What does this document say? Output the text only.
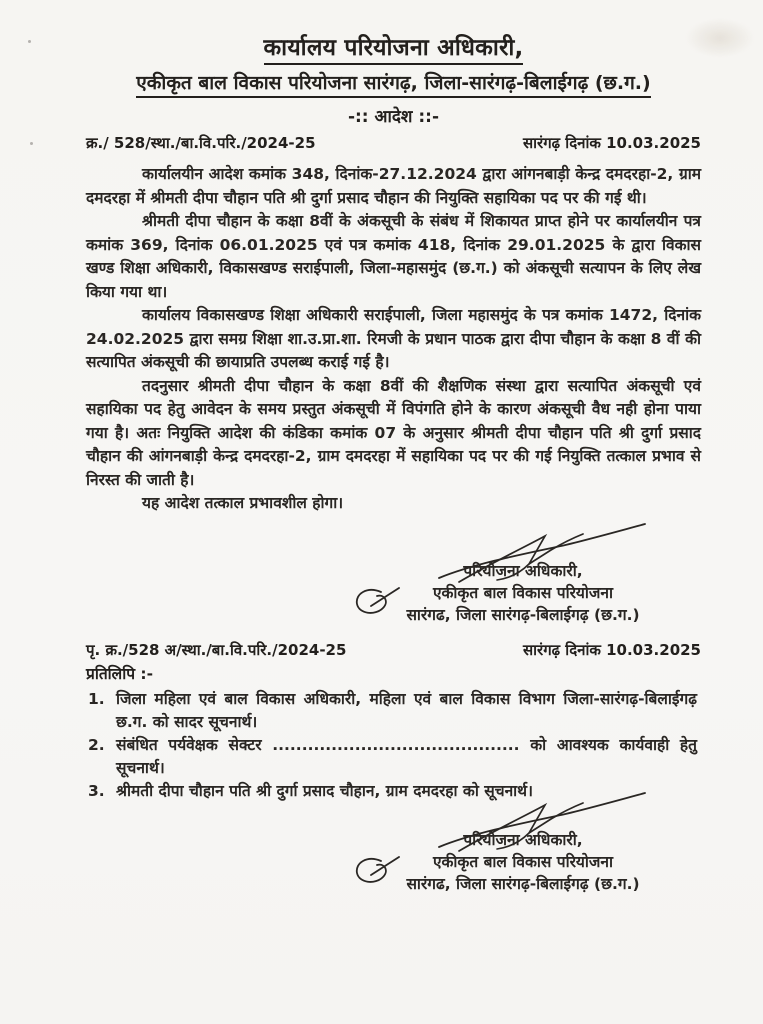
कार्यालय परियोजना अधिकारी,
एकीकृत बाल विकास परियोजना सारंगढ़, जिला-सारंगढ़-बिलाईगढ़ (छ.ग.)
-:: आदेश ::-
क्र./ 528/स्था./बा.वि.परि./2024-25	सारंगढ़ दिनांक 10.03.2025

कार्यालयीन आदेश कमांक 348, दिनांक-27.12.2024 द्वारा आंगनबाड़ी केन्द्र दमदरहा-2, ग्राम दमदरहा में श्रीमती दीपा चौहान पति श्री दुर्गा प्रसाद चौहान की नियुक्ति सहायिका पद पर की गई थी।

श्रीमती दीपा चौहान के कक्षा 8वीं के अंकसूची के संबंध में शिकायत प्राप्त होने पर कार्यालयीन पत्र कमांक 369, दिनांक 06.01.2025 एवं पत्र कमांक 418, दिनांक 29.01.2025 के द्वारा विकास खण्ड शिक्षा अधिकारी, विकासखण्ड सराईपाली, जिला-महासमुंद (छ.ग.) को अंकसूची सत्यापन के लिए लेख किया गया था।

कार्यालय विकासखण्ड शिक्षा अधिकारी सराईपाली, जिला महासमुंद के पत्र कमांक 1472, दिनांक 24.02.2025 द्वारा समग्र शिक्षा शा.उ.प्रा.शा. रिमजी के प्रधान पाठक द्वारा दीपा चौहान के कक्षा 8 वीं की सत्यापित अंकसूची की छायाप्रति उपलब्ध कराई गई है।

तदनुसार श्रीमती दीपा चौहान के कक्षा 8वीं की शैक्षणिक संस्था द्वारा सत्यापित अंकसूची एवं सहायिका पद हेतु आवेदन के समय प्रस्तुत अंकसूची में विपंगति होने के कारण अंकसूची वैध नही होना पाया गया है। अतः नियुक्ति आदेश की कंडिका कमांक 07 के अनुसार श्रीमती दीपा चौहान पति श्री दुर्गा प्रसाद चौहान की आंगनबाड़ी केन्द्र दमदरहा-2, ग्राम दमदरहा में सहायिका पद पर की गई नियुक्ति तत्काल प्रभाव से निरस्त की जाती है।

यह आदेश तत्काल प्रभावशील होगा।

परियोजना अधिकारी,
एकीकृत बाल विकास परियोजना
सारंगढ, जिला सारंगढ़-बिलाईगढ़ (छ.ग.)
पृ. क्र./528 अ/स्था./बा.वि.परि./2024-25	सारंगढ़ दिनांक 10.03.2025
प्रतिलिपि :-
1. जिला महिला एवं बाल विकास अधिकारी, महिला एवं बाल विकास विभाग जिला-सारंगढ़-बिलाईगढ़ छ.ग. को सादर सूचनार्थ।
2. संबंधित पर्यवेक्षक सेक्टर .......................................... को आवश्यक कार्यवाही हेतु सूचनार्थ।
3. श्रीमती दीपा चौहान पति श्री दुर्गा प्रसाद चौहान, ग्राम दमदरहा को सूचनार्थ।
परियोजना अधिकारी,
एकीकृत बाल विकास परियोजना
सारंगढ, जिला सारंगढ़-बिलाईगढ़ (छ.ग.)
